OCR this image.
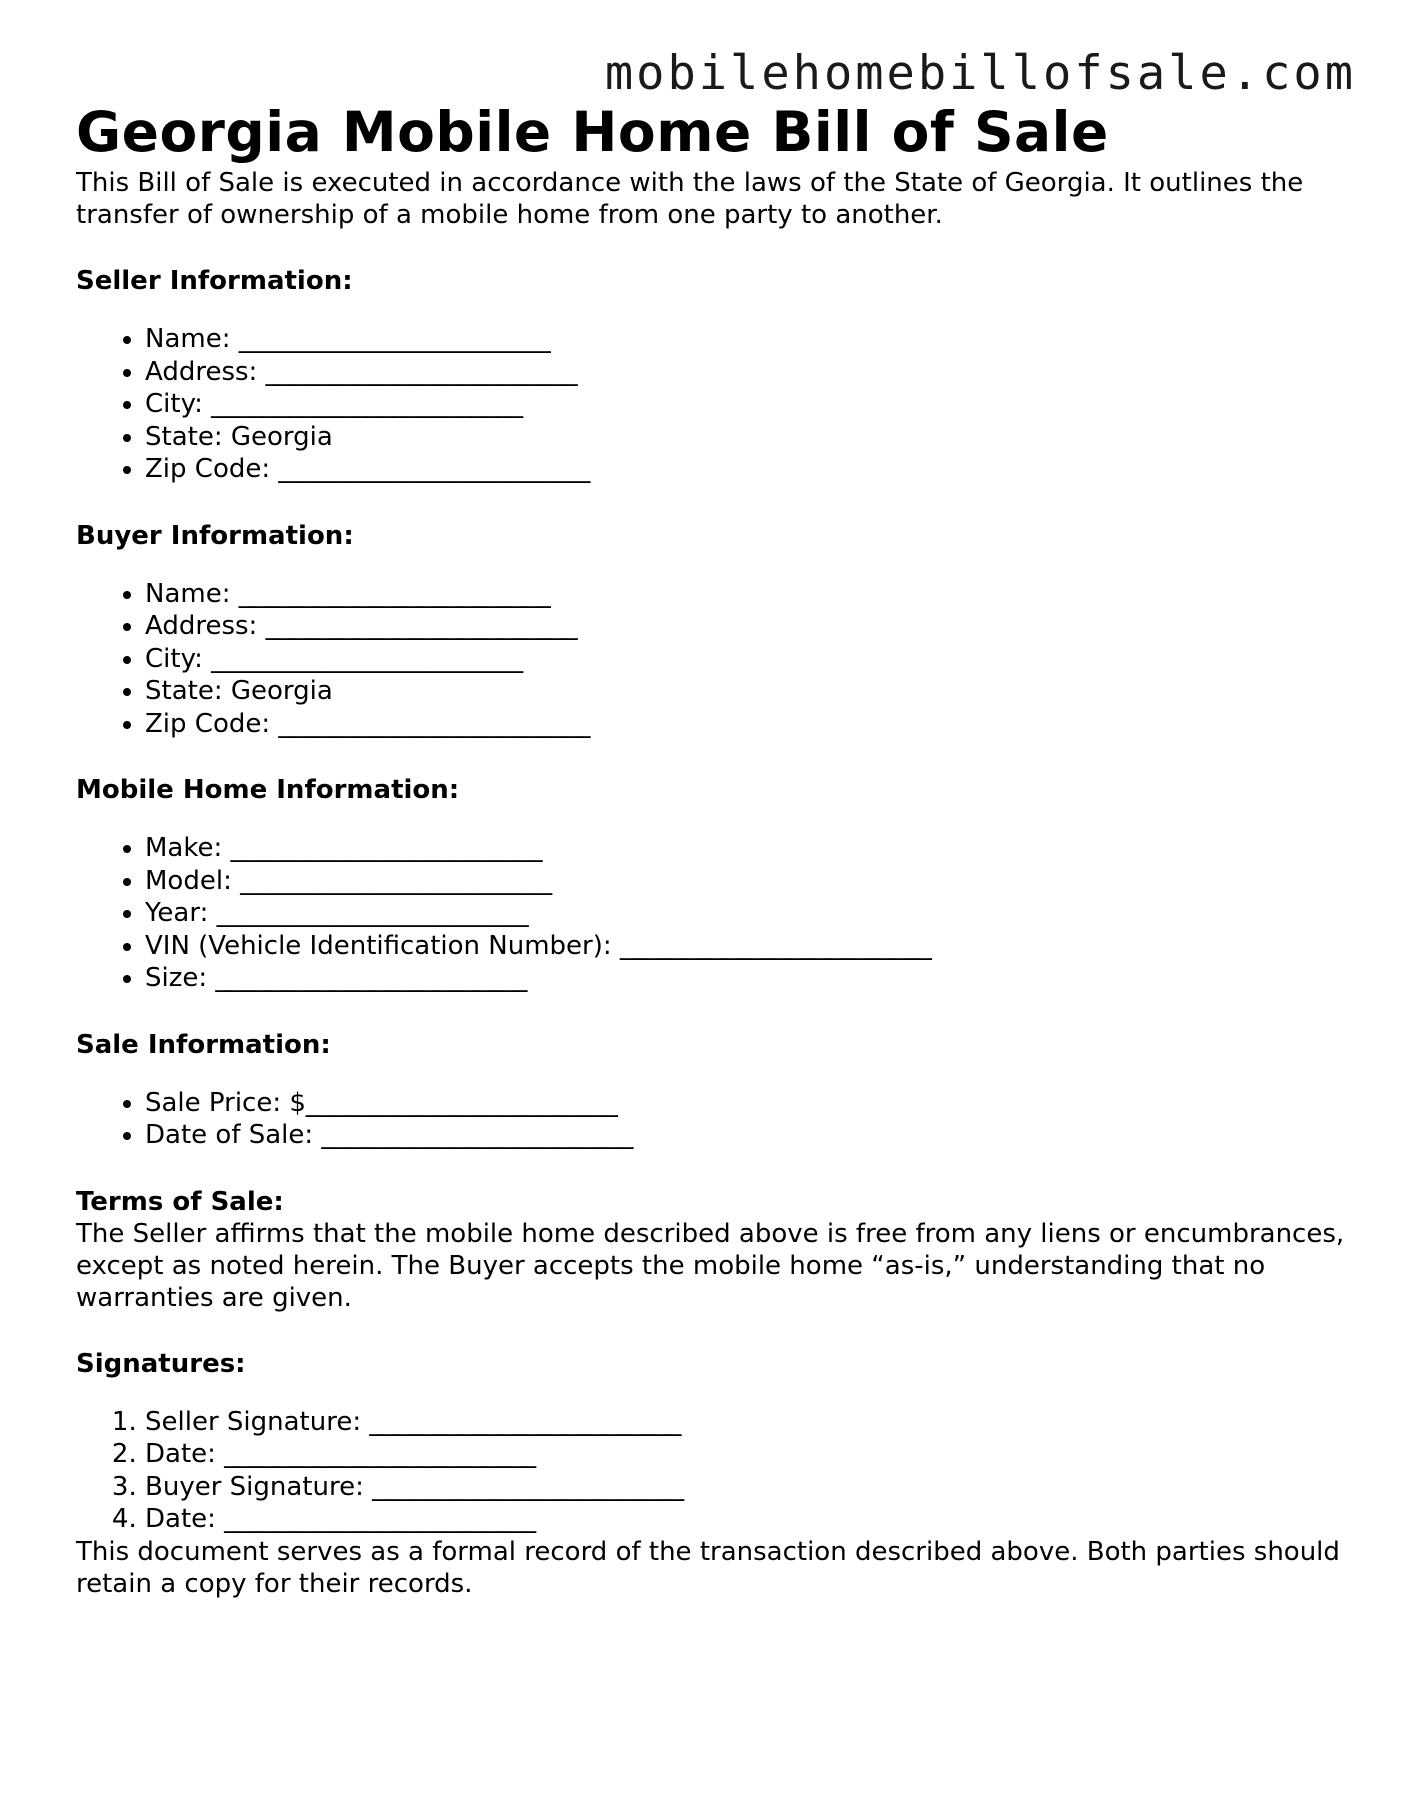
mobilehomebillofsale.com
Georgia Mobile Home Bill of Sale

This Bill of Sale is executed in accordance with the laws of the State of Georgia. It outlines the transfer of ownership of a mobile home from one party to another.

Seller Information:
• Name: ________________________
• Address: ________________________
• City: ________________________
• State: Georgia
• Zip Code: ________________________
Buyer Information:
• Name: ________________________
• Address: ________________________
• City: ________________________
• State: Georgia
• Zip Code: ________________________
Mobile Home Information:
• Make: ________________________
• Model: ________________________
• Year: ________________________
• VIN (Vehicle Identification Number): ________________________
• Size: ________________________
Sale Information:
• Sale Price: $________________________
• Date of Sale: ________________________
Terms of Sale:

The Seller affirms that the mobile home described above is free from any liens or encumbrances, except as noted herein. The Buyer accepts the mobile home “as-is,” understanding that no warranties are given.

Signatures:
1. Seller Signature: ________________________
2. Date: ________________________
3. Buyer Signature: ________________________
4. Date: ________________________

This document serves as a formal record of the transaction described above. Both parties should retain a copy for their records.
